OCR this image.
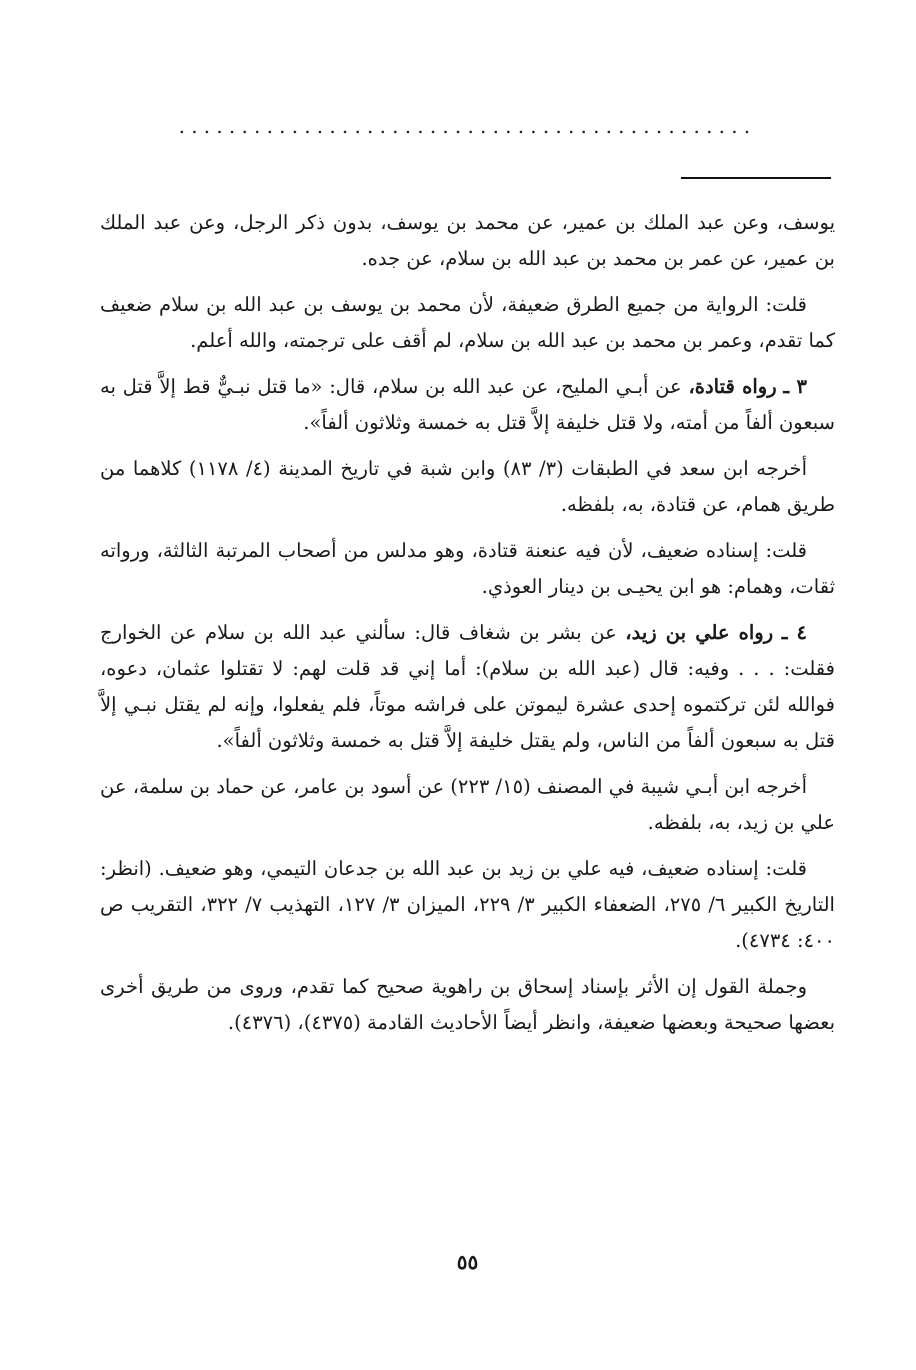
..............................................

يوسف، وعن عبد الملك بن عمير، عن محمد بن يوسف، بدون ذكر الرجل، وعن عبد الملك بن عمير، عن عمر بن محمد بن عبد الله بن سلام، عن جده.

قلت: الرواية من جميع الطرق ضعيفة، لأن محمد بن يوسف بن عبد الله بن سلام ضعيف كما تقدم، وعمر بن محمد بن عبد الله بن سلام، لم أقف على ترجمته، والله أعلم.

٣ ـ رواه قتادة، عن أبـي المليح، عن عبد الله بن سلام، قال: «ما قتل نبـيٌّ قط إلاَّ قتل به سبعون ألفاً من أمته، ولا قتل خليفة إلاَّ قتل به خمسة وثلاثون ألفاً».

أخرجه ابن سعد في الطبقات (٣/ ٨٣) وابن شبة في تاريخ المدينة (٤/ ١١٧٨) كلاهما من طريق همام، عن قتادة، به، بلفظه.

قلت: إسناده ضعيف، لأن فيه عنعنة قتادة، وهو مدلس من أصحاب المرتبة الثالثة، ورواته ثقات، وهمام: هو ابن يحيـى بن دينار العوذي.

٤ ـ رواه علي بن زيد، عن بشر بن شغاف قال: سألني عبد الله بن سلام عن الخوارج فقلت: . . . وفيه: قال (عبد الله بن سلام): أما إني قد قلت لهم: لا تقتلوا عثمان، دعوه، فوالله لئن تركتموه إحدى عشرة ليموتن على فراشه موتاً، فلم يفعلوا، وإنه لم يقتل نبـي إلاَّ قتل به سبعون ألفاً من الناس، ولم يقتل خليفة إلاَّ قتل به خمسة وثلاثون ألفاً».

أخرجه ابن أبـي شيبة في المصنف (١٥/ ٢٢٣) عن أسود بن عامر، عن حماد بن سلمة، عن علي بن زيد، به، بلفظه.

قلت: إسناده ضعيف، فيه علي بن زيد بن عبد الله بن جدعان التيمي، وهو ضعيف. (انظر: التاريخ الكبير ٦/ ٢٧٥، الضعفاء الكبير ٣/ ٢٢٩، الميزان ٣/ ١٢٧، التهذيب ٧/ ٣٢٢، التقريب ص ٤٠٠: ٤٧٣٤).

وجملة القول إن الأثر بإسناد إسحاق بن راهوية صحيح كما تقدم، وروى من طريق أخرى بعضها صحيحة وبعضها ضعيفة، وانظر أيضاً الأحاديث القادمة (٤٣٧٥)، (٤٣٧٦).

٥٥
